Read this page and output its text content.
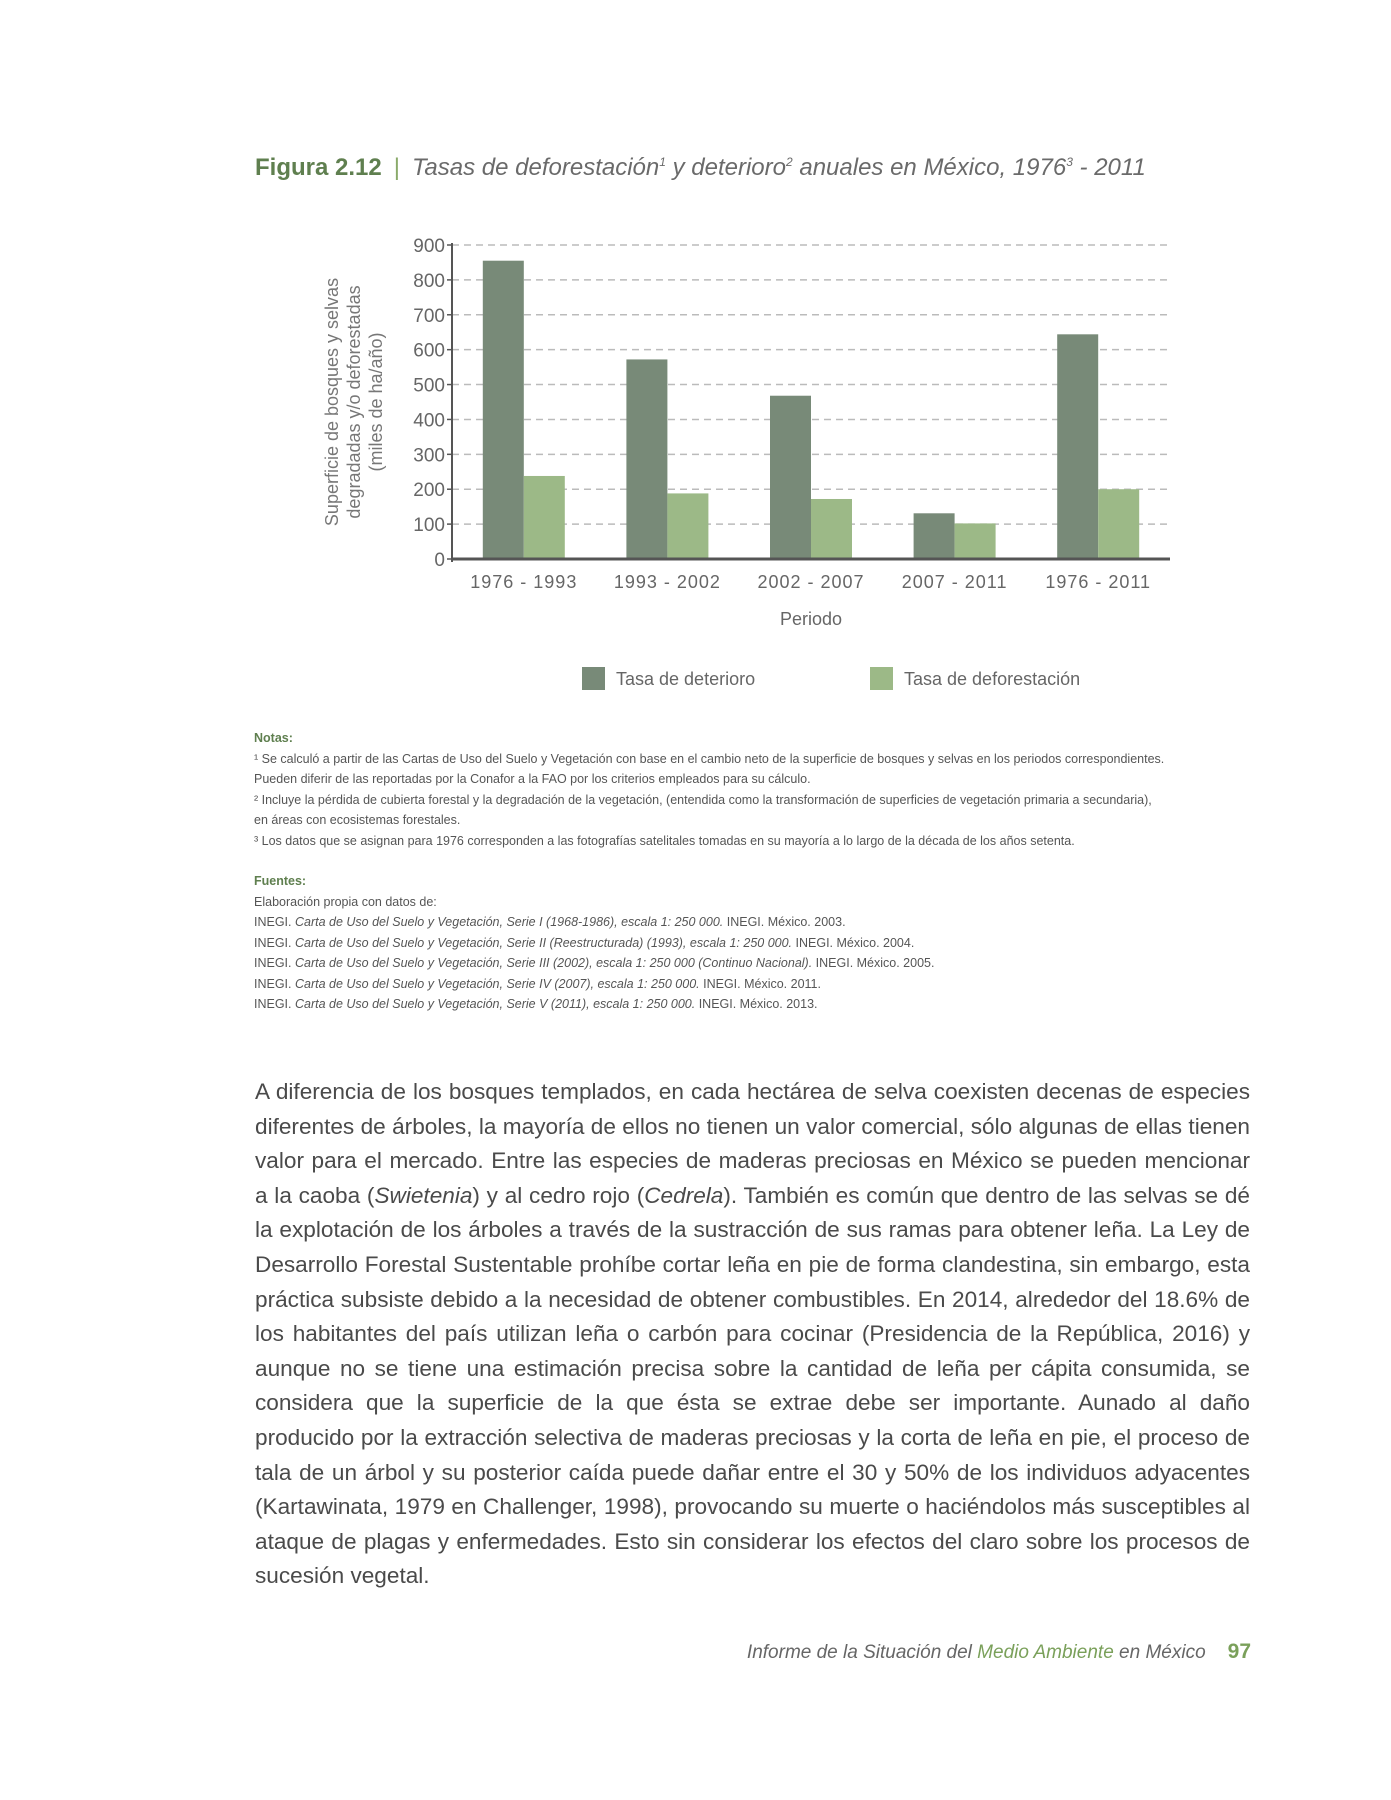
Figura 2.12 | Tasas de deforestación$^1$ y deterioro$^2$ anuales en México, 1976$^3$ - 2011
0
100
200
300
400
500
600
700
800
900
1976 - 1993 1993 - 2002 2002 - 2007 2007 - 2011 1976 - 2011
Periodo
Superficie de bosques y selvas degradadas y/o deforestadas (miles de ha/año)
Tasa de deterioro	Tasa de deforestación
Notas:
¹ Se calculó a partir de las Cartas de Uso del Suelo y Vegetación con base en el cambio neto de la superficie de bosques y selvas en los periodos correspondientes.
Pueden diferir de las reportadas por la Conafor a la FAO por los criterios empleados para su cálculo.
² Incluye la pérdida de cubierta forestal y la degradación de la vegetación, (entendida como la transformación de superficies de vegetación primaria a secundaria),
en áreas con ecosistemas forestales.
³ Los datos que se asignan para 1976 corresponden a las fotografías satelitales tomadas en su mayoría a lo largo de la década de los años setenta.
Fuentes:
Elaboración propia con datos de:
INEGI. Carta de Uso del Suelo y Vegetación, Serie I (1968-1986), escala 1: 250 000. INEGI. México. 2003.
INEGI. Carta de Uso del Suelo y Vegetación, Serie II (Reestructurada) (1993), escala 1: 250 000. INEGI. México. 2004.
INEGI. Carta de Uso del Suelo y Vegetación, Serie III (2002), escala 1: 250 000 (Continuo Nacional). INEGI. México. 2005.
INEGI. Carta de Uso del Suelo y Vegetación, Serie IV (2007), escala 1: 250 000. INEGI. México. 2011.
INEGI. Carta de Uso del Suelo y Vegetación, Serie V (2011), escala 1: 250 000. INEGI. México. 2013.
A diferencia de los bosques templados, en cada hectárea de selva coexisten decenas de especies diferentes de árboles, la mayoría de ellos no tienen un valor comercial, sólo algunas de ellas tienen valor para el mercado. Entre las especies de maderas preciosas en México se pueden mencionar a la caoba (Swietenia) y al cedro rojo (Cedrela). También es común que dentro de las selvas se dé la explotación de los árboles a través de la sustracción de sus ramas para obtener leña. La Ley de Desarrollo Forestal Sustentable prohíbe cortar leña en pie de forma clandestina, sin embargo, esta práctica subsiste debido a la necesidad de obtener combustibles. En 2014, alrededor del 18.6% de los habitantes del país utilizan leña o carbón para cocinar (Presidencia de la República, 2016) y aunque no se tiene una estimación precisa sobre la cantidad de leña per cápita consumida, se considera que la superficie de la que ésta se extrae debe ser importante. Aunado al daño producido por la extracción selectiva de maderas preciosas y la corta de leña en pie, el proceso de tala de un árbol y su posterior caída puede dañar entre el 30 y 50% de los individuos adyacentes (Kartawinata, 1979 en Challenger, 1998), provocando su muerte o haciéndolos más susceptibles al ataque de plagas y enfermedades. Esto sin considerar los efectos del claro sobre los procesos de sucesión vegetal.
Informe de la Situación del Medio Ambiente en México 97
